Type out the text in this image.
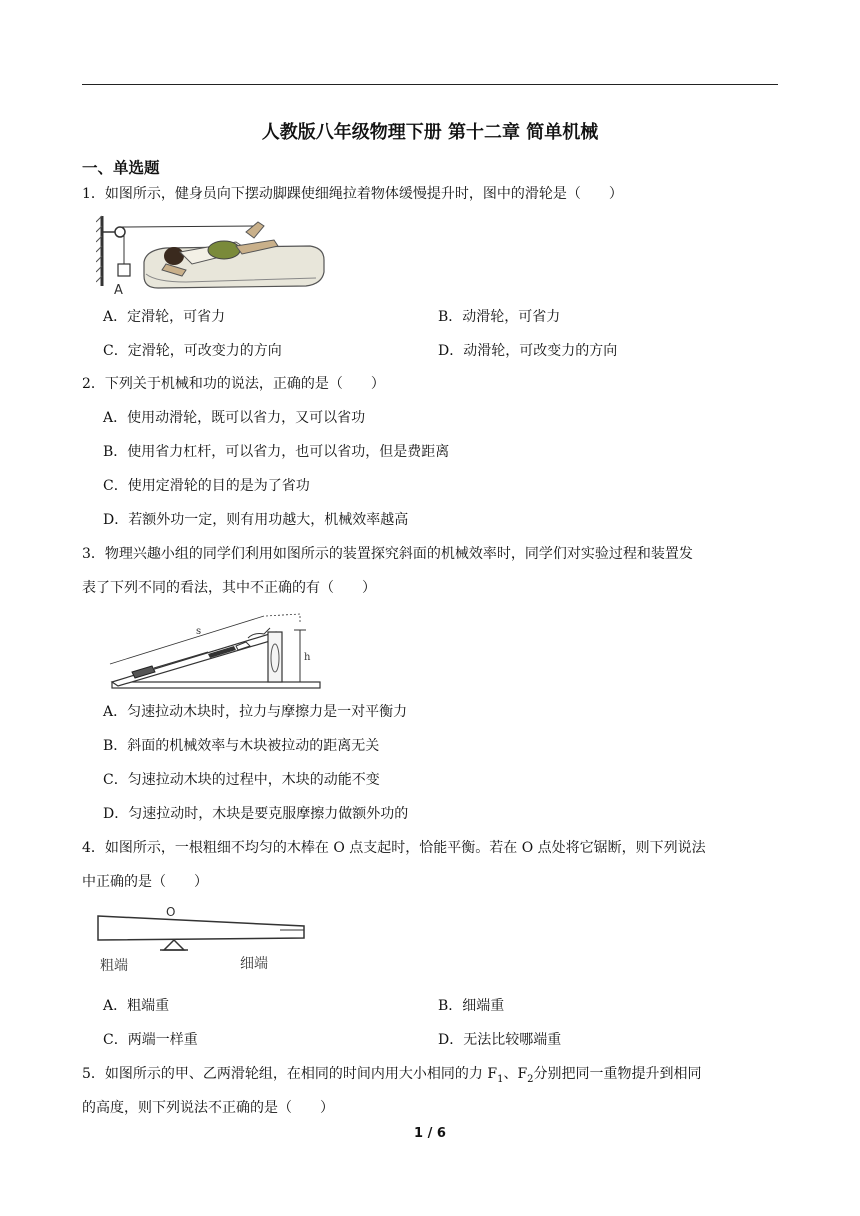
人教版八年级物理下册 第十二章 简单机械
一、单选题
1．如图所示，健身员向下摆动脚踝使细绳拉着物体缓慢提升时，图中的滑轮是（　　）
A
A．定滑轮，可省力	B．动滑轮，可省力
C．定滑轮，可改变力的方向	D．动滑轮，可改变力的方向
2．下列关于机械和功的说法，正确的是（　　）
A．使用动滑轮，既可以省力，又可以省功
B．使用省力杠杆，可以省力，也可以省功，但是费距离
C．使用定滑轮的目的是为了省功
D．若额外功一定，则有用功越大，机械效率越高
3．物理兴趣小组的同学们利用如图所示的装置探究斜面的机械效率时，同学们对实验过程和装置发
表了下列不同的看法，其中不正确的有（　　）
h
s
A．匀速拉动木块时，拉力与摩擦力是一对平衡力
B．斜面的机械效率与木块被拉动的距离无关
C．匀速拉动木块的过程中，木块的动能不变
D．匀速拉动时，木块是要克服摩擦力做额外功的
4．如图所示，一根粗细不均匀的木棒在 O 点支起时，恰能平衡。若在 O 点处将它锯断，则下列说法
中正确的是（　　）
O
粗端	细端
A．粗端重	B．细端重
C．两端一样重	D．无法比较哪端重
5．如图所示的甲、乙两滑轮组，在相同的时间内用大小相同的力 $F_1$、$F_2$分别把同一重物提升到相同
的高度，则下列说法不正确的是（　　）
1 / 6
